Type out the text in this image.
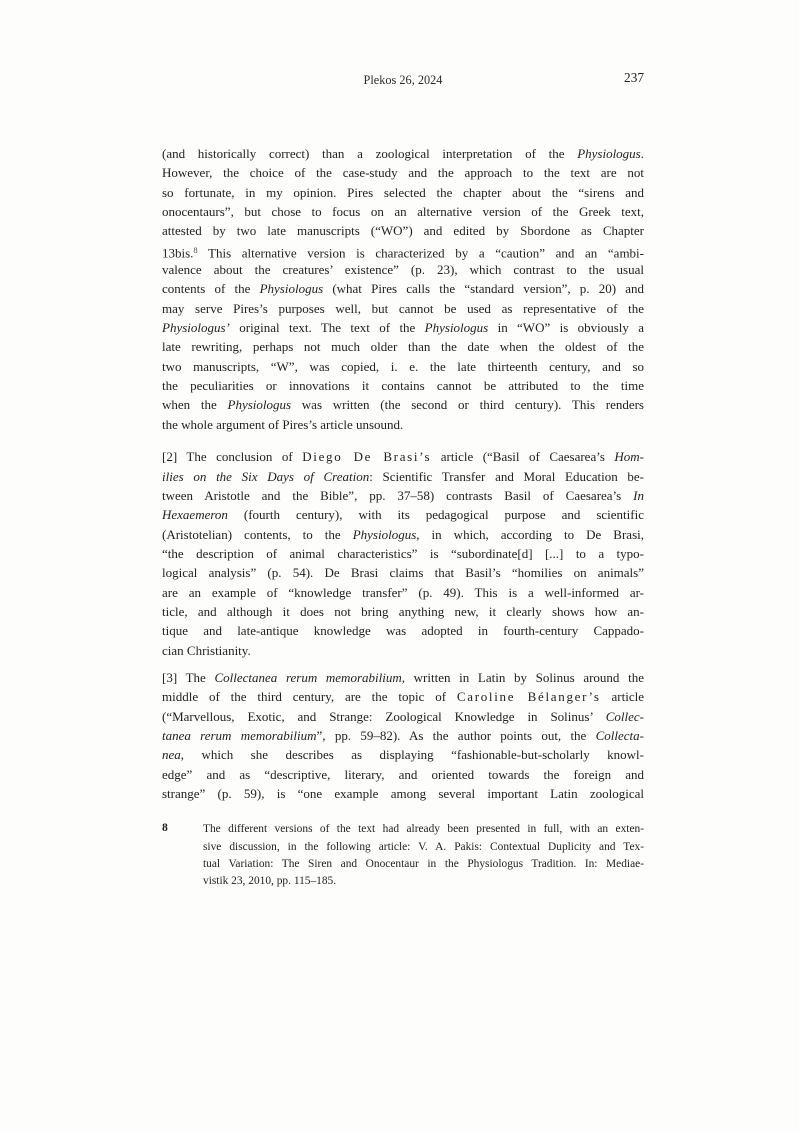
Plekos 26, 2024	237
(and historically correct) than a zoological interpretation of the Physiologus.
However, the choice of the case-study and the approach to the text are not
so fortunate, in my opinion. Pires selected the chapter about the “sirens and
onocentaurs”, but chose to focus on an alternative version of the Greek text,
attested by two late manuscripts (“WO”) and edited by Sbordone as Chapter
13bis.$^8$ This alternative version is characterized by a “caution” and an “ambi-
valence about the creatures’ existence” (p. 23), which contrast to the usual
contents of the Physiologus (what Pires calls the “standard version”, p. 20) and
may serve Pires’s purposes well, but cannot be used as representative of the
Physiologus’ original text. The text of the Physiologus in “WO” is obviously a
late rewriting, perhaps not much older than the date when the oldest of the
two manuscripts, “W”, was copied, i. e. the late thirteenth century, and so
the peculiarities or innovations it contains cannot be attributed to the time
when the Physiologus was written (the second or third century). This renders
the whole argument of Pires’s article unsound.
[2] The conclusion of Diego De Brasi’s article (“Basil of Caesarea’s Hom-
ilies on the Six Days of Creation: Scientific Transfer and Moral Education be-
tween Aristotle and the Bible”, pp. 37–58) contrasts Basil of Caesarea’s In
Hexaemeron (fourth century), with its pedagogical purpose and scientific
(Aristotelian) contents, to the Physiologus, in which, according to De Brasi,
“the description of animal characteristics” is “subordinate[d] [...] to a typo-
logical analysis” (p. 54). De Brasi claims that Basil’s “homilies on animals”
are an example of “knowledge transfer” (p. 49). This is a well-informed ar-
ticle, and although it does not bring anything new, it clearly shows how an-
tique and late-antique knowledge was adopted in fourth-century Cappado-
cian Christianity.
[3] The Collectanea rerum memorabilium, written in Latin by Solinus around the
middle of the third century, are the topic of Caroline Bélanger’s article
(“Marvellous, Exotic, and Strange: Zoological Knowledge in Solinus’ Collec-
tanea rerum memorabilium”, pp. 59–82). As the author points out, the Collecta-
nea, which she describes as displaying “fashionable-but-scholarly knowl-
edge” and as “descriptive, literary, and oriented towards the foreign and
strange” (p. 59), is “one example among several important Latin zoological
8	The different versions of the text had already been presented in full, with an exten-
sive discussion, in the following article: V. A. Pakis: Contextual Duplicity and Tex-
tual Variation: The Siren and Onocentaur in the Physiologus Tradition. In: Mediae-
vistik 23, 2010, pp. 115–185.
